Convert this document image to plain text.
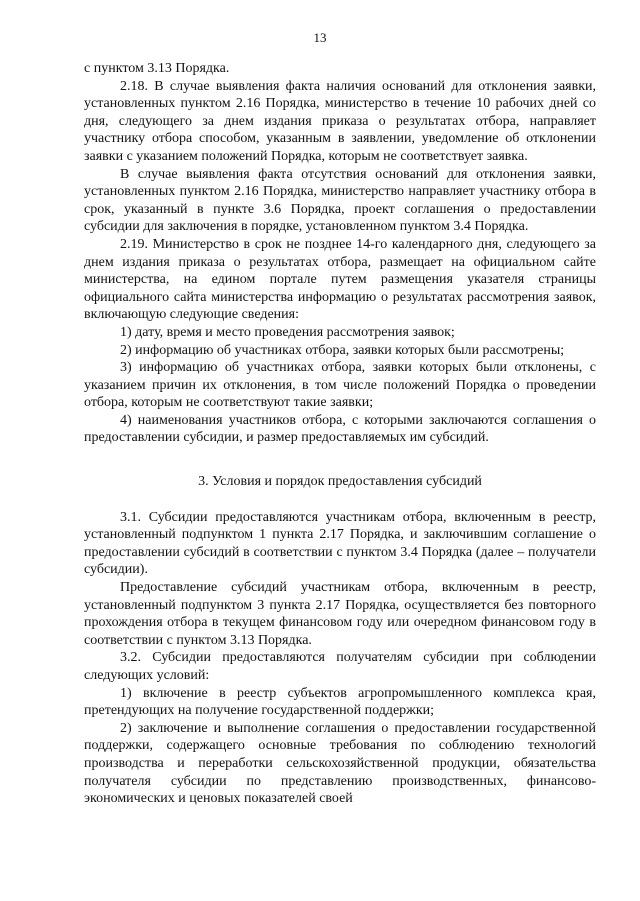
13

с пунктом 3.13 Порядка.

2.18. В случае выявления факта наличия оснований для отклонения заявки, установленных пунктом 2.16 Порядка, министерство в течение 10 рабочих дней со дня, следующего за днем издания приказа о результатах отбора, направляет участнику отбора способом, указанным в заявлении, уведомление об отклонении заявки с указанием положений Порядка, которым не соответствует заявка.

В случае выявления факта отсутствия оснований для отклонения заявки, установленных пунктом 2.16 Порядка, министерство направляет участнику отбора в срок, указанный в пункте 3.6 Порядка, проект соглашения о предоставлении субсидии для заключения в порядке, установленном пунктом 3.4 Порядка.

2.19. Министерство в срок не позднее 14-го календарного дня, следующего за днем издания приказа о результатах отбора, размещает на официальном сайте министерства, на едином портале путем размещения указателя страницы официального сайта министерства информацию о результатах рассмотрения заявок, включающую следующие сведения:

1) дату, время и место проведения рассмотрения заявок;

2) информацию об участниках отбора, заявки которых были рассмотрены;

3) информацию об участниках отбора, заявки которых были отклонены, с указанием причин их отклонения, в том числе положений Порядка о проведении отбора, которым не соответствуют такие заявки;

4) наименования участников отбора, с которыми заключаются соглашения о предоставлении субсидии, и размер предоставляемых им субсидий.

3. Условия и порядок предоставления субсидий

3.1. Субсидии предоставляются участникам отбора, включенным в реестр, установленный подпунктом 1 пункта 2.17 Порядка, и заключившим соглашение о предоставлении субсидий в соответствии с пунктом 3.4 Порядка (далее – получатели субсидии).

Предоставление субсидий участникам отбора, включенным в реестр, установленный подпунктом 3 пункта 2.17 Порядка, осуществляется без повторного прохождения отбора в текущем финансовом году или очередном финансовом году в соответствии с пунктом 3.13 Порядка.

3.2. Субсидии предоставляются получателям субсидии при соблюдении следующих условий:

1) включение в реестр субъектов агропромышленного комплекса края, претендующих на получение государственной поддержки;

2) заключение и выполнение соглашения о предоставлении государственной поддержки, содержащего основные требования по соблюдению технологий производства и переработки сельскохозяйственной продукции, обязательства получателя субсидии по представлению производственных, финансово-экономических и ценовых показателей своей
